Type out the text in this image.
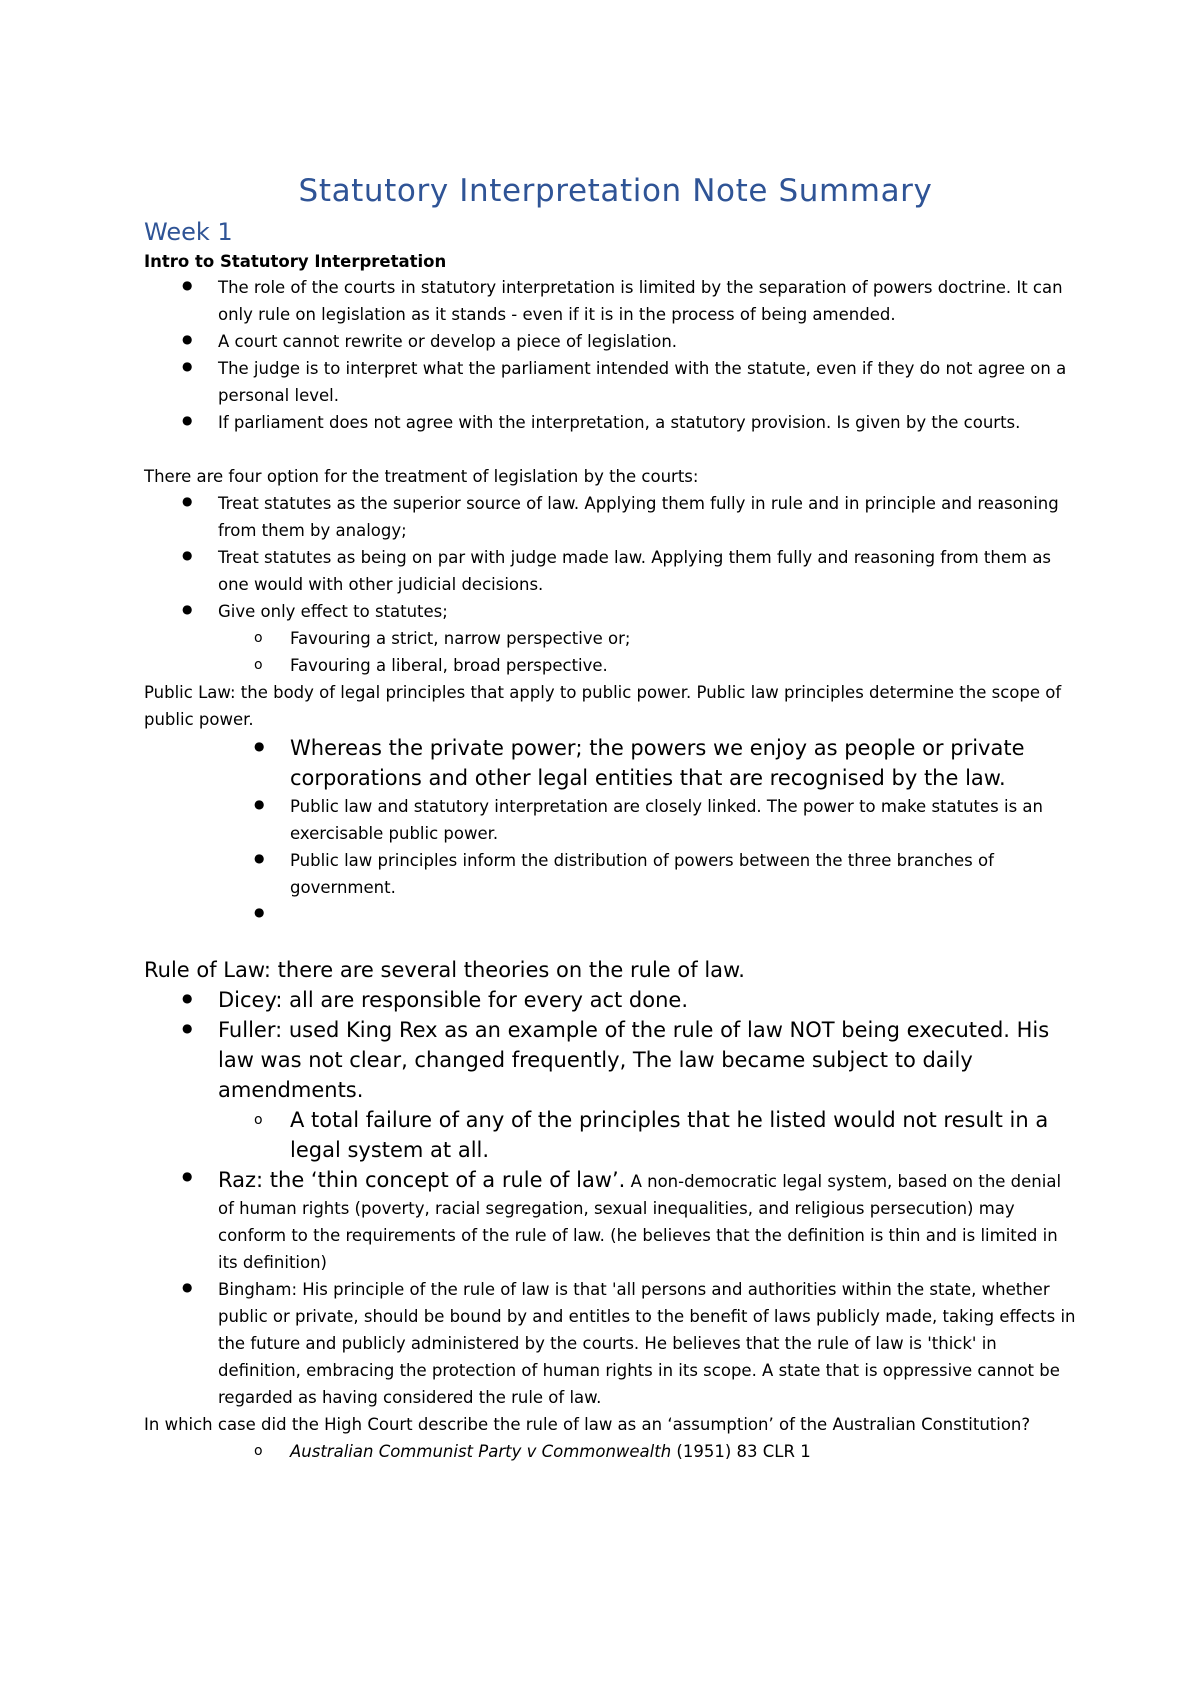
Statutory Interpretation Note Summary
Week 1
Intro to Statutory Interpretation
● The role of the courts in statutory interpretation is limited by the separation of powers doctrine. It can only rule on legislation as it stands - even if it is in the process of being amended.
● A court cannot rewrite or develop a piece of legislation.
● The judge is to interpret what the parliament intended with the statute, even if they do not agree on a personal level.
● If parliament does not agree with the interpretation, a statutory provision. Is given by the courts.

There are four option for the treatment of legislation by the courts:

● Treat statutes as the superior source of law. Applying them fully in rule and in principle and reasoning from them by analogy;
● Treat statutes as being on par with judge made law. Applying them fully and reasoning from them as one would with other judicial decisions.
● Give only effect to statutes;
o Favouring a strict, narrow perspective or;
o Favouring a liberal, broad perspective.

Public Law: the body of legal principles that apply to public power. Public law principles determine the scope of public power.

● Whereas the private power; the powers we enjoy as people or private corporations and other legal entities that are recognised by the law.
● Public law and statutory interpretation are closely linked. The power to make statutes is an exercisable public power.
● Public law principles inform the distribution of powers between the three branches of government.
●

Rule of Law: there are several theories on the rule of law.

● Dicey: all are responsible for every act done.
● Fuller: used King Rex as an example of the rule of law NOT being executed. His law was not clear, changed frequently, The law became subject to daily amendments.
o A total failure of any of the principles that he listed would not result in a legal system at all.
● Raz: the ‘thin concept of a rule of law’. A non-democratic legal system, based on the denial of human rights (poverty, racial segregation, sexual inequalities, and religious persecution) may conform to the requirements of the rule of law. (he believes that the definition is thin and is limited in its definition)
● Bingham: His principle of the rule of law is that 'all persons and authorities within the state, whether public or private, should be bound by and entitles to the benefit of laws publicly made, taking effects in the future and publicly administered by the courts. He believes that the rule of law is 'thick' in definition, embracing the protection of human rights in its scope. A state that is oppressive cannot be regarded as having considered the rule of law.

In which case did the High Court describe the rule of law as an ‘assumption’ of the Australian Constitution?

o Australian Communist Party v Commonwealth (1951) 83 CLR 1
